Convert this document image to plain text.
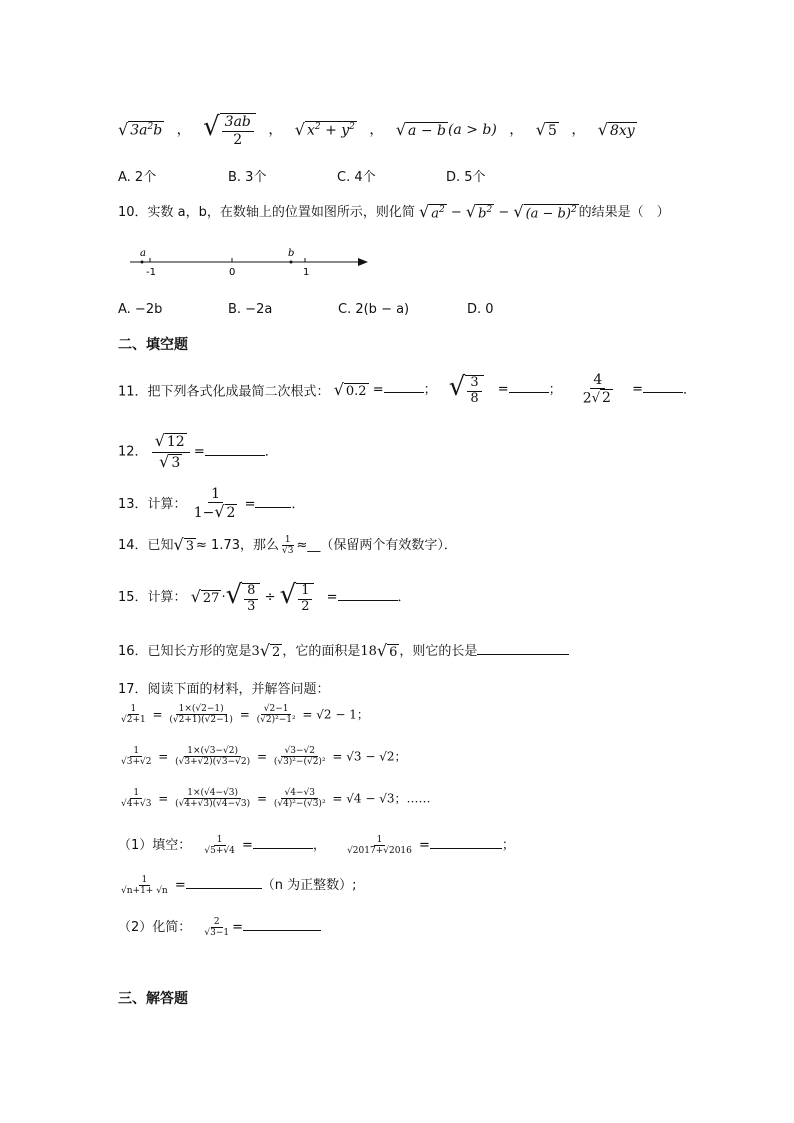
√ $3a^2b$ ， √ $\frac{3ab}{2}$ ， √ $x^2 + y^2$ ， √ a − b (a > b) ， √ 5 ， √ 8xy
A. 2个	B. 3个	C. 4个	D. 5个
10．实数 a，b，在数轴上的位置如图所示，则化简 √ $a^2$ − √ $b^2$ − √ $(a - b)^2$ 的结果是（　）
a	b
-1	0	1
A. −2b	B. −2a	C. 2(b − a)	D. 0
二、填空题
11．把下列各式化成最简二次根式： √ 0.2 =	； √ $\frac{3}{8}$ =	； $\frac{4}{2√ 2}$ =	．
12． $\frac{√ 12}{√ 3}$ =	．
13．计算： $\frac{1}{1-√ 2}$ =	．
14．已知√ 3 ≈ 1.73，那么 $\frac{1}{√3}$ ≈__（保留两个有效数字）．
15．计算： √ 27 ·√ $\frac{8}{3}$ ÷ √ $\frac{1}{2}$ =	．
16．已知长方形的宽是3√ 2 ，它的面积是18√ 6 ，则它的长是
17．阅读下面的材料，并解答问题：
$\frac{1}{√2+1} = \frac{1\times(√2-1)}{(√2+1)(√2-1)} = \frac{√2-1}{\text{(√2)²−1²}} = √2 - 1$；
$\frac{1}{√3+√2} = \frac{1\times(√3-√2)}{(√3+√2)(√3-√2)} = \frac{√3-√2}{\text{(√3)²−(√2)²}} = √3 - √2$；
$\frac{1}{√4+√3} = \frac{1\times(√4-√3)}{(√4+√3)(√4-√3)} = \frac{√4-√3}{\text{(√4)²−(√3)²}} = √4 - √3$；……
（1）填空： $\frac{1}{√5+√4}$ =	， $\frac{1}{√2017+√2016}$ =	；
$\frac{1}{√n+1+ √n}$ =	（n 为正整数）;
（2）化简： $\frac{2}{√3-1}$ =
三、解答题
